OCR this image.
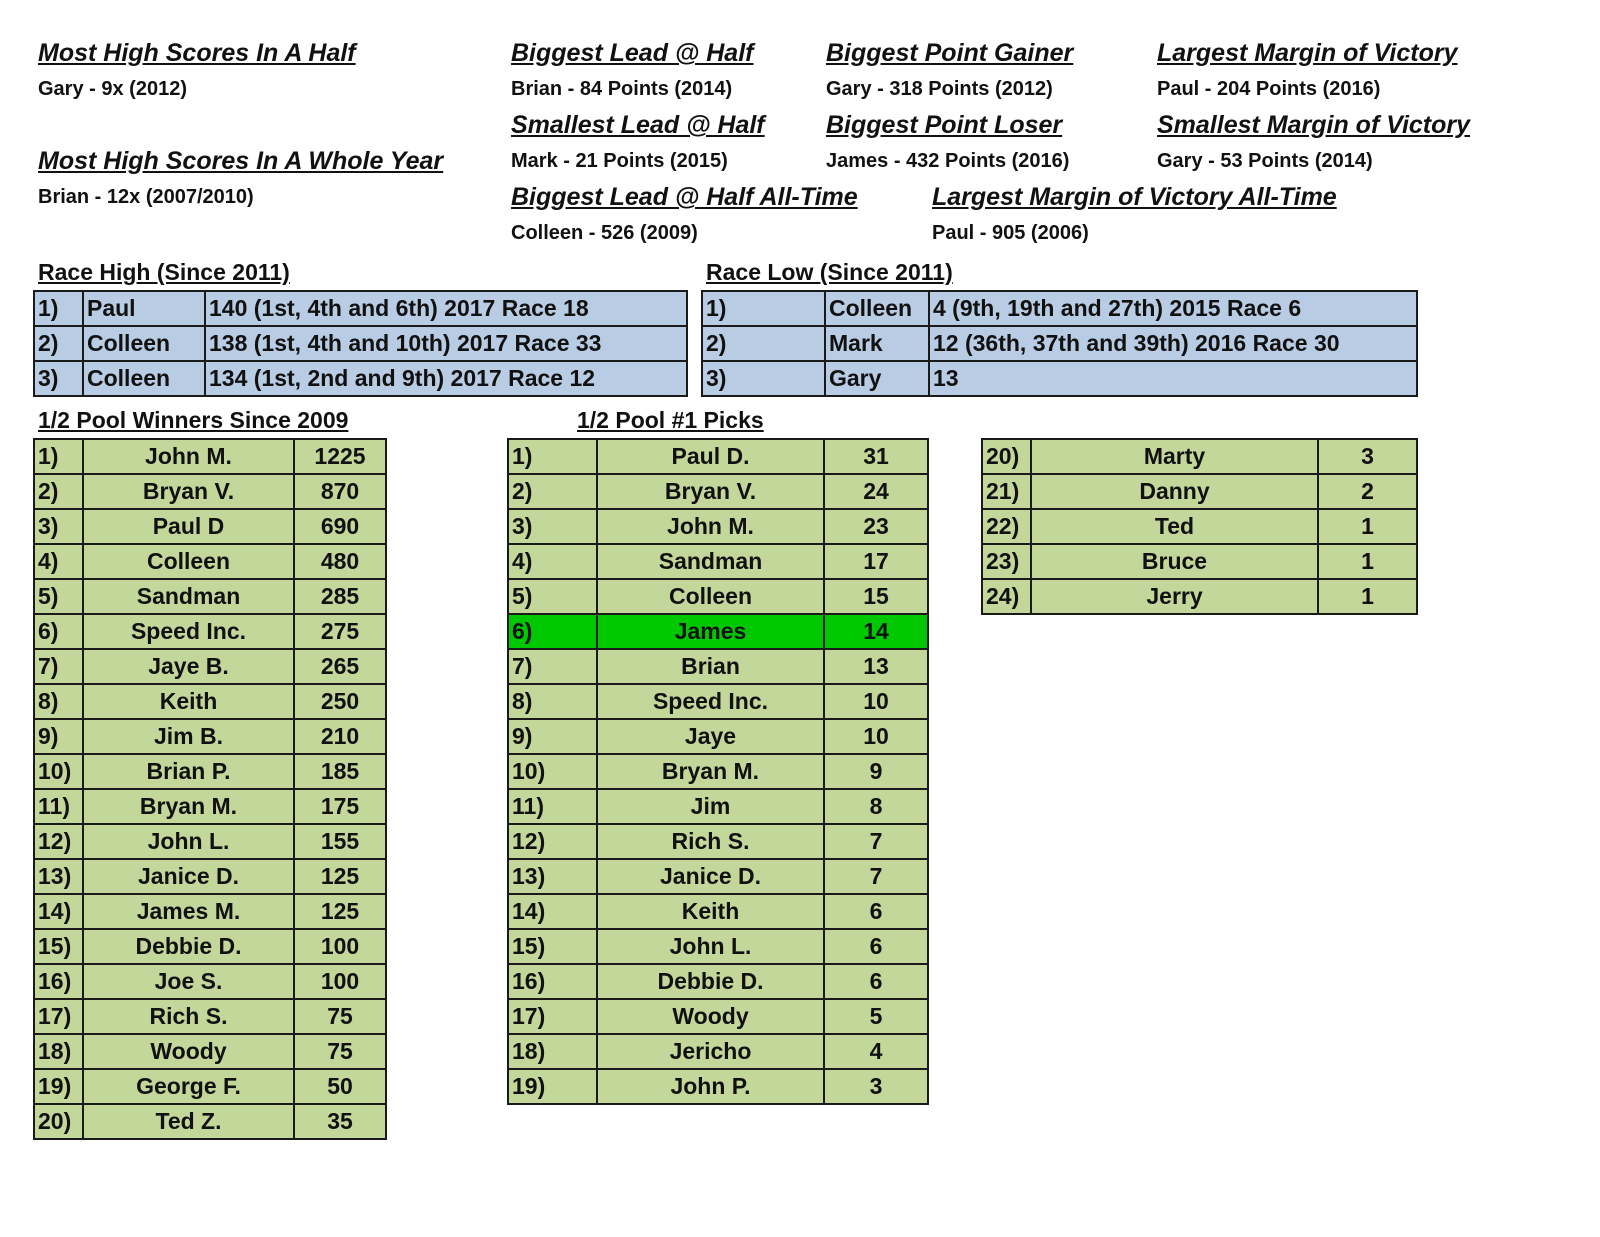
Most High Scores In A Half
Gary - 9x (2012)
Most High Scores In A Whole Year
Brian - 12x (2007/2010)
Biggest Lead @ Half
Brian - 84 Points (2014)
Smallest Lead @ Half
Mark - 21 Points (2015)
Biggest Lead @ Half All-Time
Colleen - 526 (2009)
Biggest Point Gainer
Gary - 318 Points (2012)
Biggest Point Loser
James - 432 Points (2016)
Largest Margin of Victory
Paul - 204 Points (2016)
Smallest Margin of Victory
Gary - 53 Points (2014)
Largest Margin of Victory All-Time
Paul - 905 (2006)
Race High (Since 2011)	Race Low (Since 2011)
1)	Paul	140 (1st, 4th and 6th) 2017 Race 18
2)	Colleen	138 (1st, 4th and 10th) 2017 Race 33
3)	Colleen	134 (1st, 2nd and 9th) 2017 Race 12
1)	Colleen	4 (9th, 19th and 27th) 2015 Race 6
2)	Mark	12 (36th, 37th and 39th) 2016 Race 30
3)	Gary	13
1/2 Pool Winners Since 2009	1/2 Pool #1 Picks
1)	John M.	1225
2)	Bryan V.	870
3)	Paul D	690
4)	Colleen	480
5)	Sandman	285
6)	Speed Inc.	275
7)	Jaye B.	265
8)	Keith	250
9)	Jim B.	210
10)	Brian P.	185
11)	Bryan M.	175
12)	John L.	155
13)	Janice D.	125
14)	James M.	125
15)	Debbie D.	100
16)	Joe S.	100
17)	Rich S.	75
18)	Woody	75
19)	George F.	50
20)	Ted Z.	35
1)	Paul D.	31
2)	Bryan V.	24
3)	John M.	23
4)	Sandman	17
5)	Colleen	15
6)	James	14
7)	Brian	13
8)	Speed Inc.	10
9)	Jaye	10
10)	Bryan M.	9
11)	Jim	8
12)	Rich S.	7
13)	Janice D.	7
14)	Keith	6
15)	John L.	6
16)	Debbie D.	6
17)	Woody	5
18)	Jericho	4
19)	John P.	3
20)	Marty	3
21)	Danny	2
22)	Ted	1
23)	Bruce	1
24)	Jerry	1
